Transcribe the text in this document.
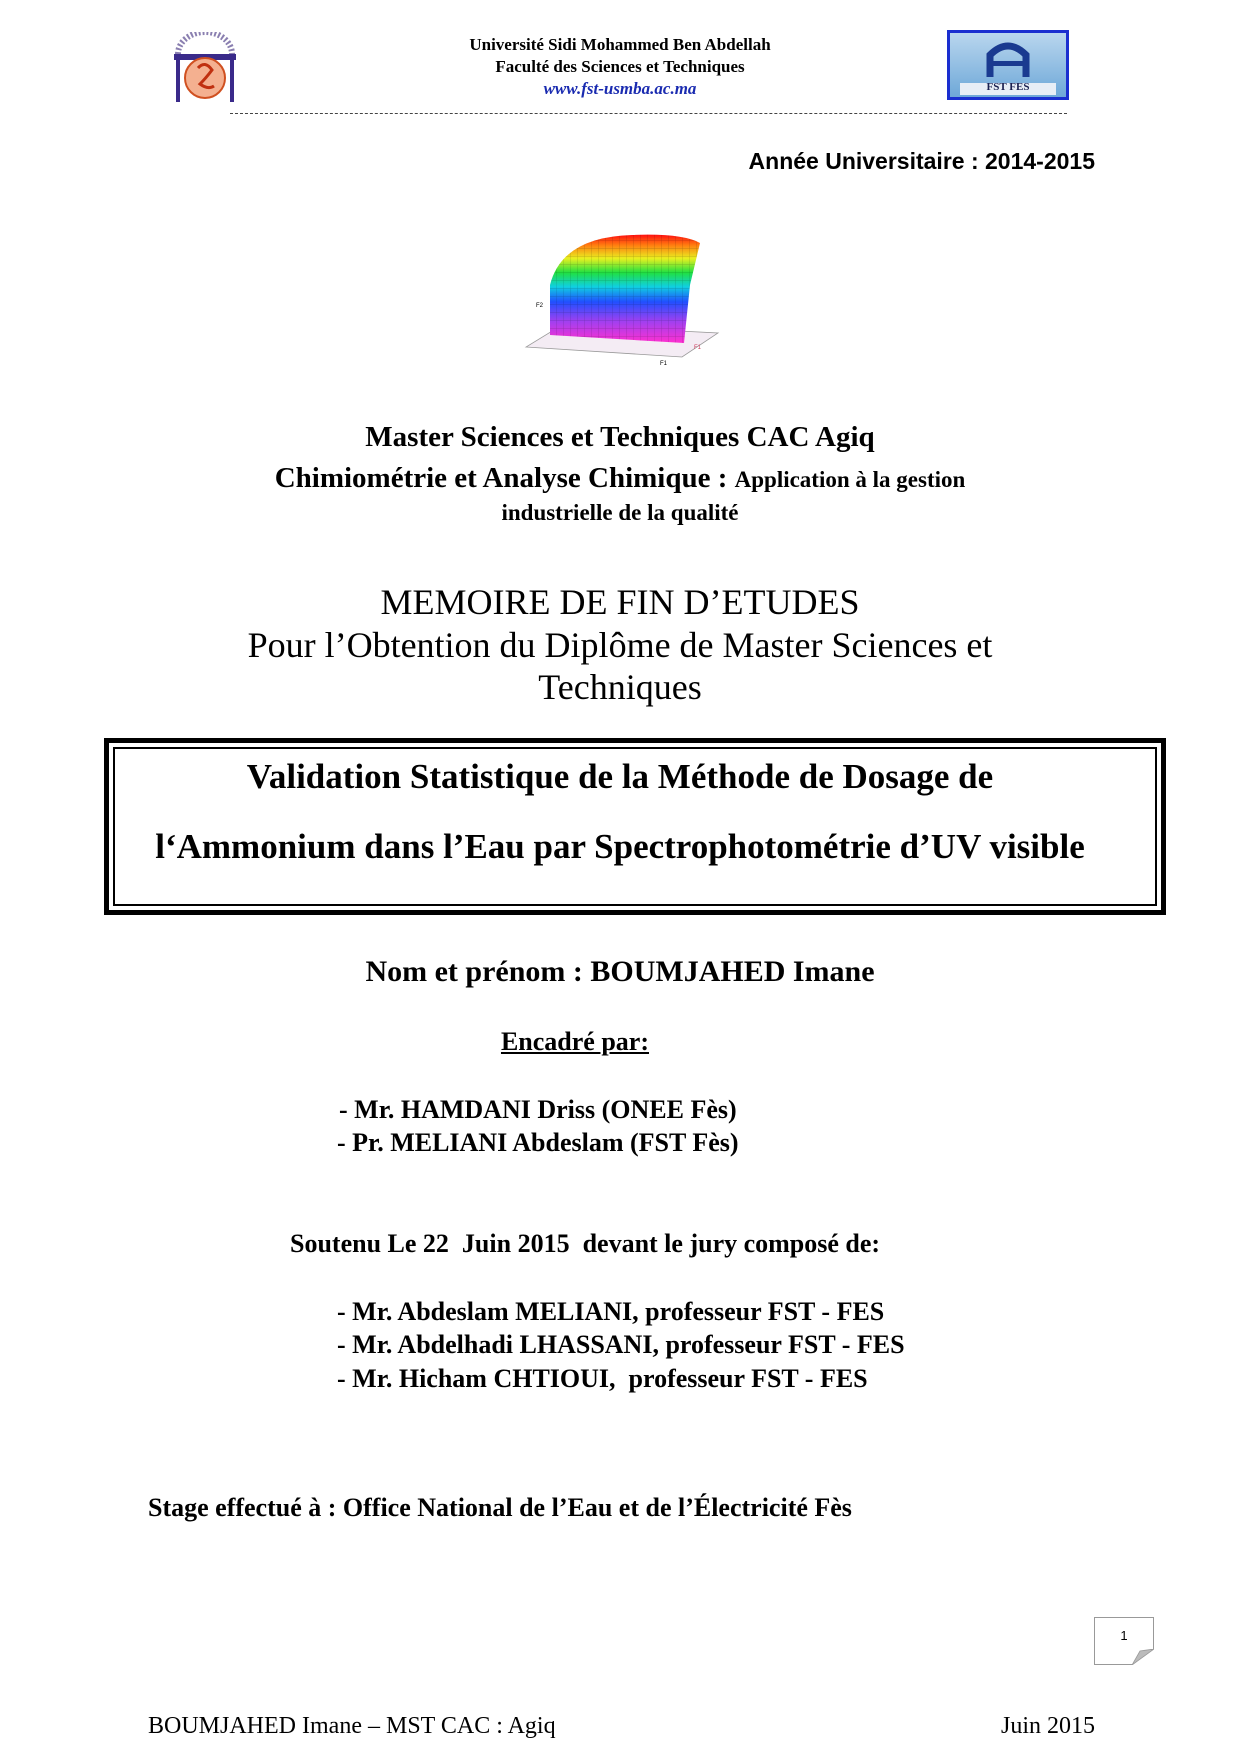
Université Sidi Mohammed Ben Abdellah
Faculté des Sciences et Techniques
www.fst-usmba.ac.ma	FST FES
Année Universitaire : 2014-2015
F2
F1
F1
Master Sciences et Techniques CAC Agiq
Chimiométrie et Analyse Chimique : Application à la gestion
industrielle de la qualité
MEMOIRE DE FIN D’ETUDES
Pour l’Obtention du Diplôme de Master Sciences et
Techniques
Validation Statistique de la Méthode de Dosage de
l‘Ammonium dans l’Eau par Spectrophotométrie d’UV visible
Nom et prénom : BOUMJAHED Imane
Encadré par:
- Mr. HAMDANI Driss (ONEE Fès)
- Pr. MELIANI Abdeslam (FST Fès)
Soutenu Le 22  Juin 2015  devant le jury composé de:
- Mr. Abdeslam MELIANI, professeur FST - FES
- Mr. Abdelhadi LHASSANI, professeur FST - FES
- Mr. Hicham CHTIOUI,  professeur FST - FES
Stage effectué à : Office National de l’Eau et de l’Électricité Fès
1
BOUMJAHED Imane – MST CAC : Agiq	Juin 2015
